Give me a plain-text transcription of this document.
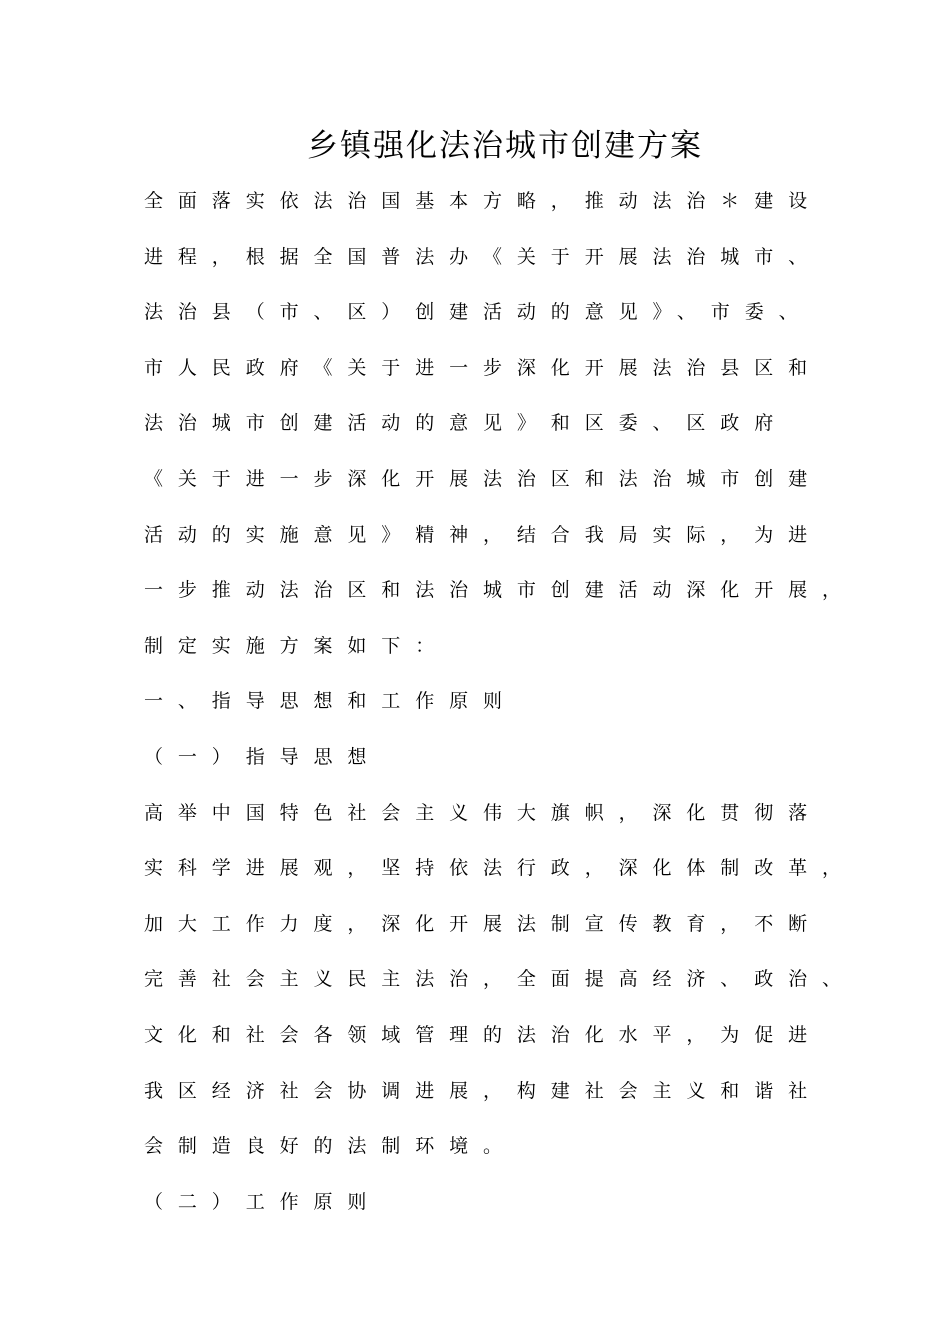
乡镇强化法治城市创建方案
全面落实依法治国基本方略，推动法治＊建设
进程，根据全国普法办《关于开展法治城市、
法治县（市、区）创建活动的意见》、市委、
市人民政府《关于进一步深化开展法治县区和
法治城市创建活动的意见》和区委、区政府
《关于进一步深化开展法治区和法治城市创建
活动的实施意见》精神，结合我局实际，为进
一步推动法治区和法治城市创建活动深化开展，
制定实施方案如下：
一、指导思想和工作原则
（一）指导思想
高举中国特色社会主义伟大旗帜，深化贯彻落
实科学进展观，坚持依法行政，深化体制改革，
加大工作力度，深化开展法制宣传教育，不断
完善社会主义民主法治，全面提高经济、政治、
文化和社会各领域管理的法治化水平，为促进
我区经济社会协调进展，构建社会主义和谐社
会制造良好的法制环境。
（二）工作原则
